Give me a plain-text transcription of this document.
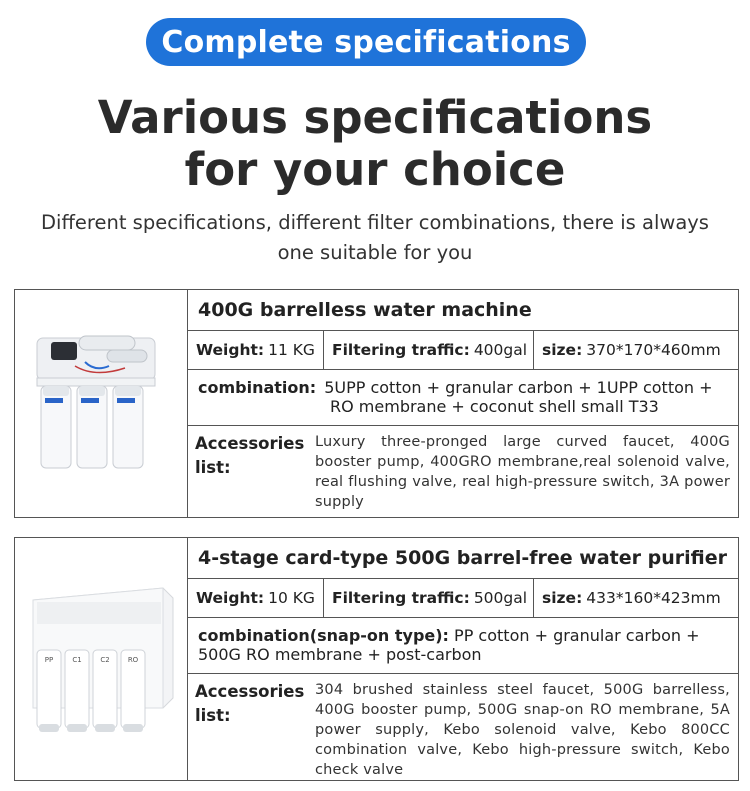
Complete specifications
Various specifications
for your choice
Different specifications, different filter combinations, there is always one suitable for you
400G barrelless water machine
Weight: 11 KG Filtering traffic: 400gal size: 370*170*460mm
combination: 5UPP cotton + granular carbon + 1UPP cotton +
RO membrane + coconut shell small T33
Accessories
list:
Luxury three-pronged large curved faucet, 400G booster pump, 400GRO membrane,real solenoid valve, real flushing valve, real high-pressure switch, 3A power supply
PP	C1	C2	RO
4-stage card-type 500G barrel-free water purifier
Weight: 10 KG Filtering traffic: 500gal size: 433*160*423mm
combination(snap-on type): PP cotton + granular carbon + 500G RO membrane + post-carbon
Accessories
list:
304 brushed stainless steel faucet, 500G barrelless, 400G booster pump, 500G snap-on RO membrane, 5A power supply, Kebo solenoid valve, Kebo 800CC combination valve, Kebo high-pressure switch, Kebo check valve
